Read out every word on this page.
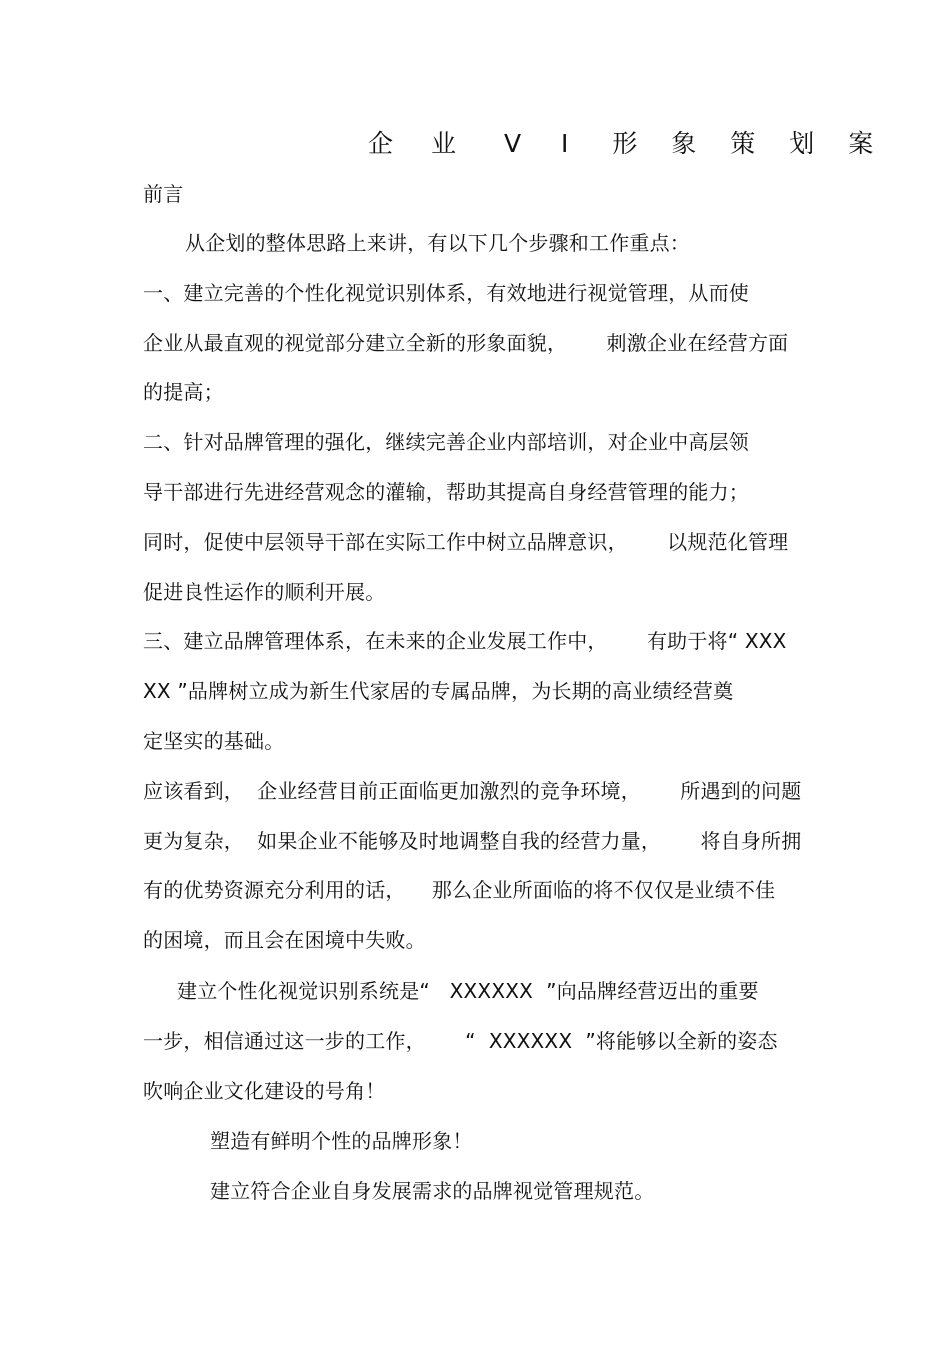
企 业 V I 形 象 策 划 案
前言
从企划的整体思路上来讲，有以下几个步骤和工作重点：
一、建立完善的个性化视觉识别体系，有效地进行视觉管理，从而使
企业从最直观的视觉部分建立全新的形象面貌，      刺激企业在经营方面
的提高；
二、针对品牌管理的强化，继续完善企业内部培训，对企业中高层领
导干部进行先进经营观念的灌输，帮助其提高自身经营管理的能力；
同时，促使中层领导干部在实际工作中树立品牌意识，      以规范化管理
促进良性运作的顺利开展。
三、建立品牌管理体系，在未来的企业发展工作中，      有助于将“ XXX
XX ”品牌树立成为新生代家居的专属品牌，为长期的高业绩经营奠
定坚实的基础。
应该看到，  企业经营目前正面临更加激烈的竞争环境，      所遇到的问题
更为复杂，  如果企业不能够及时地调整自我的经营力量，      将自身所拥
有的优势资源充分利用的话，    那么企业所面临的将不仅仅是业绩不佳
的困境，而且会在困境中失败。
建立个性化视觉识别系统是“   XXXXXX  ”向品牌经营迈出的重要
一步，相信通过这一步的工作，      “  XXXXXX  ”将能够以全新的姿态
吹响企业文化建设的号角！
塑造有鲜明个性的品牌形象！
建立符合企业自身发展需求的品牌视觉管理规范。
